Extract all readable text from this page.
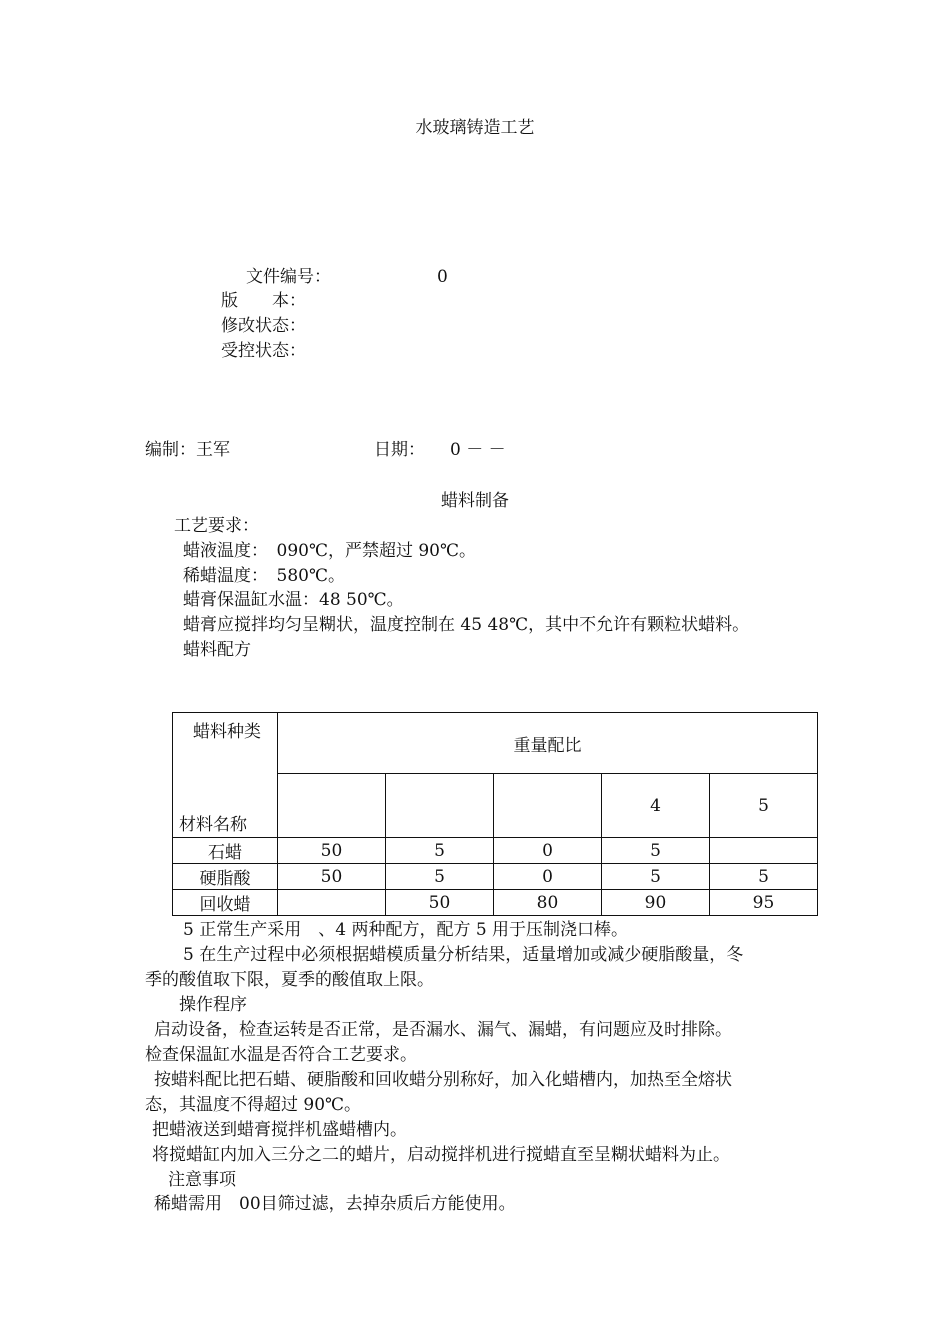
水玻璃铸造工艺
文件编号：	0
版　　本：
修改状态：
受控状态：
编制：王军	日期： 0 － －
蜡料制备
工艺要求：
蜡液温度：　090℃，严禁超过 90℃。
稀蜡温度：　580℃。
蜡膏保温缸水温：48 50℃。
蜡膏应搅拌均匀呈糊状，温度控制在 45 48℃，其中不允许有颗粒状蜡料。
蜡料配方
蜡料种类
材料名称	重量配比				
				4	5
石蜡	50	5	0	5	
硬脂酸	50	5	0	5	5
回收蜡		50	80	90	95
5 正常生产采用　、4 两种配方，配方 5 用于压制浇口棒。
5 在生产过程中必须根据蜡模质量分析结果，适量增加或减少硬脂酸量，冬
季的酸值取下限，夏季的酸值取上限。
操作程序
启动设备，检查运转是否正常，是否漏水、漏气、漏蜡，有问题应及时排除。
检查保温缸水温是否符合工艺要求。
按蜡料配比把石蜡、硬脂酸和回收蜡分别称好，加入化蜡槽内，加热至全熔状
态，其温度不得超过 90℃。
把蜡液送到蜡膏搅拌机盛蜡槽内。
将搅蜡缸内加入三分之二的蜡片，启动搅拌机进行搅蜡直至呈糊状蜡料为止。
注意事项
稀蜡需用　00目筛过滤，去掉杂质后方能使用。
